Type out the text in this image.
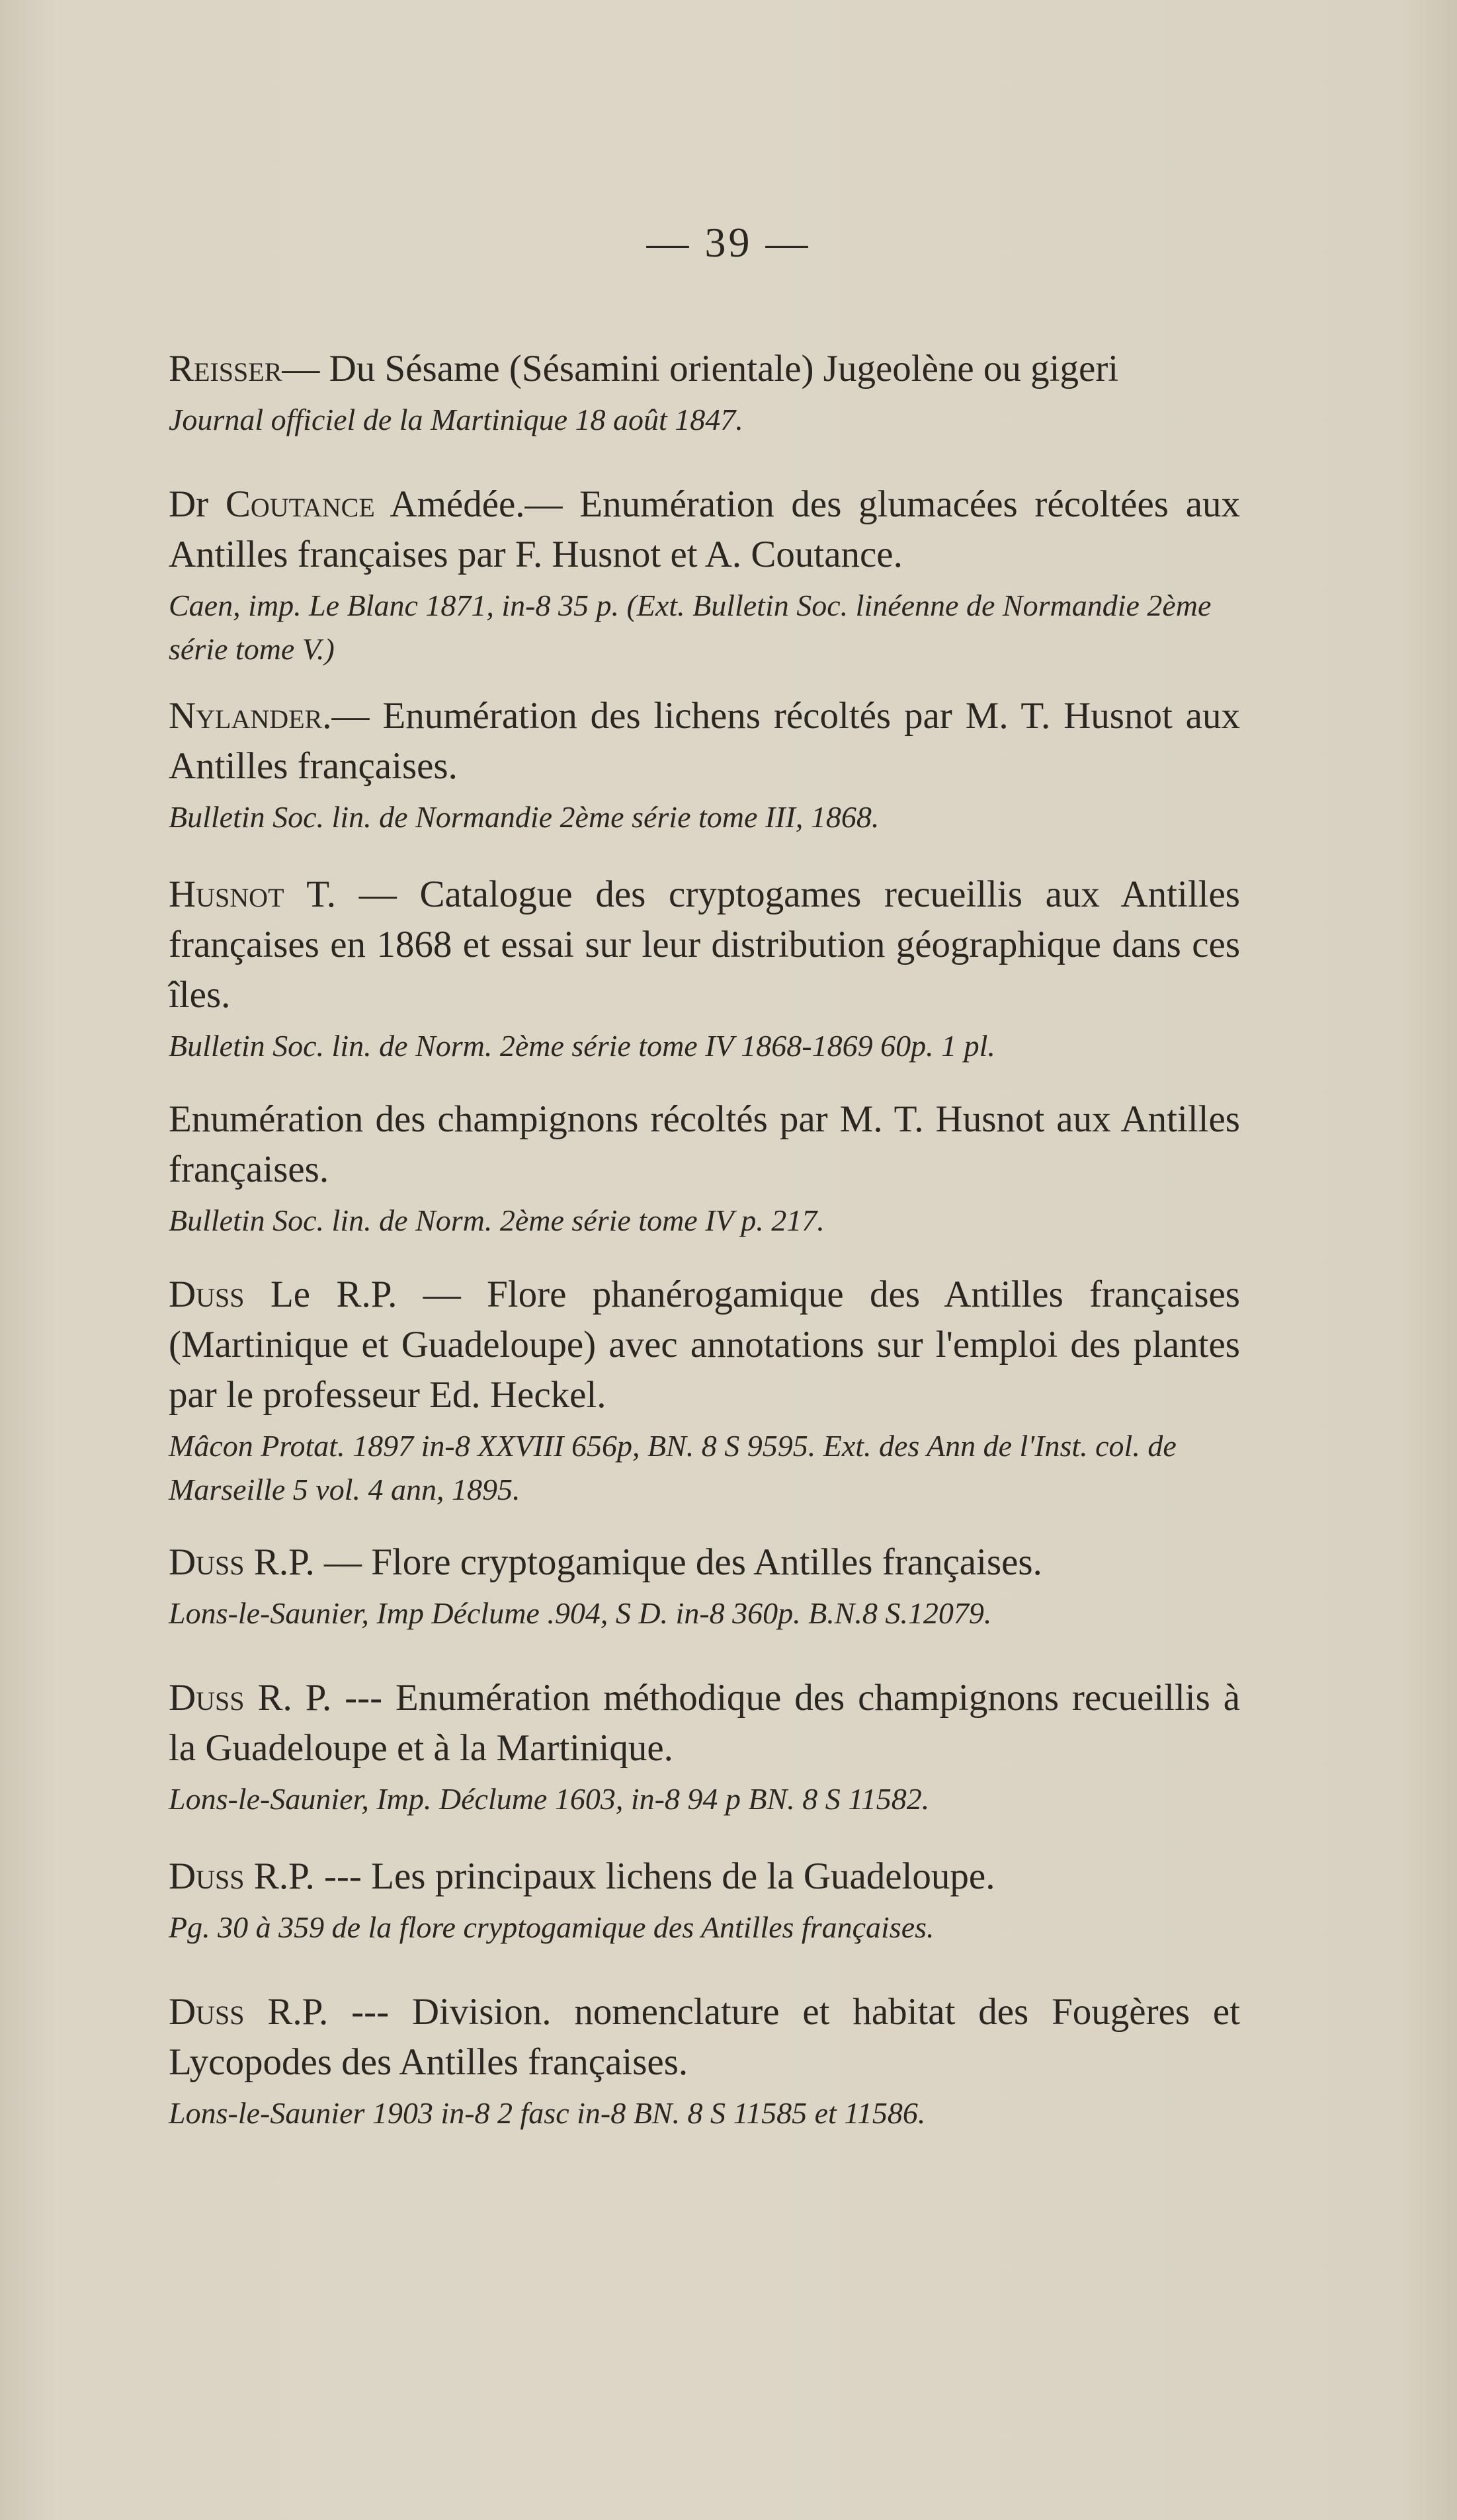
— 39 —

Reisser— Du Sésame (Sésamini orientale) Jugeolène ou gigeri

Journal officiel de la Martinique 18 août 1847.

Dr Coutance Amédée.— Enumération des glumacées récoltées aux Antilles françaises par F. Husnot et A. Coutance.

Caen, imp. Le Blanc 1871, in-8 35 p. (Ext. Bulletin Soc. linéenne de Normandie 2ème série tome V.)

Nylander.— Enumération des lichens récoltés par M. T. Husnot aux Antilles françaises.

Bulletin Soc. lin. de Normandie 2ème série tome III, 1868.

Husnot T. — Catalogue des cryptogames recueillis aux Antilles françaises en 1868 et essai sur leur distribution géographique dans ces îles.

Bulletin Soc. lin. de Norm. 2ème série tome IV 1868-1869 60p. 1 pl.

Enumération des champignons récoltés par M. T. Husnot aux Antilles françaises.

Bulletin Soc. lin. de Norm. 2ème série tome IV p. 217.

Duss Le R.P. — Flore phanérogamique des Antilles françaises (Martinique et Guadeloupe) avec annotations sur l'emploi des plantes par le professeur Ed. Heckel.

Mâcon Protat. 1897 in-8 XXVIII 656p, BN. 8 S 9595. Ext. des Ann de l'Inst. col. de Marseille 5 vol. 4 ann, 1895.

Duss R.P. — Flore cryptogamique des Antilles françaises.

Lons-le-Saunier, Imp Déclume .904, S D. in-8 360p. B.N.8 S.12079.

Duss R. P. --- Enumération méthodique des champignons recueillis à la Guadeloupe et à la Martinique.

Lons-le-Saunier, Imp. Déclume 1603, in-8 94 p BN. 8 S 11582.

Duss R.P. --- Les principaux lichens de la Guadeloupe.

Pg. 30 à 359 de la flore cryptogamique des Antilles françaises.

Duss R.P. --- Division. nomenclature et habitat des Fougères et Lycopodes des Antilles françaises.

Lons-le-Saunier 1903 in-8 2 fasc in-8 BN. 8 S 11585 et 11586.
